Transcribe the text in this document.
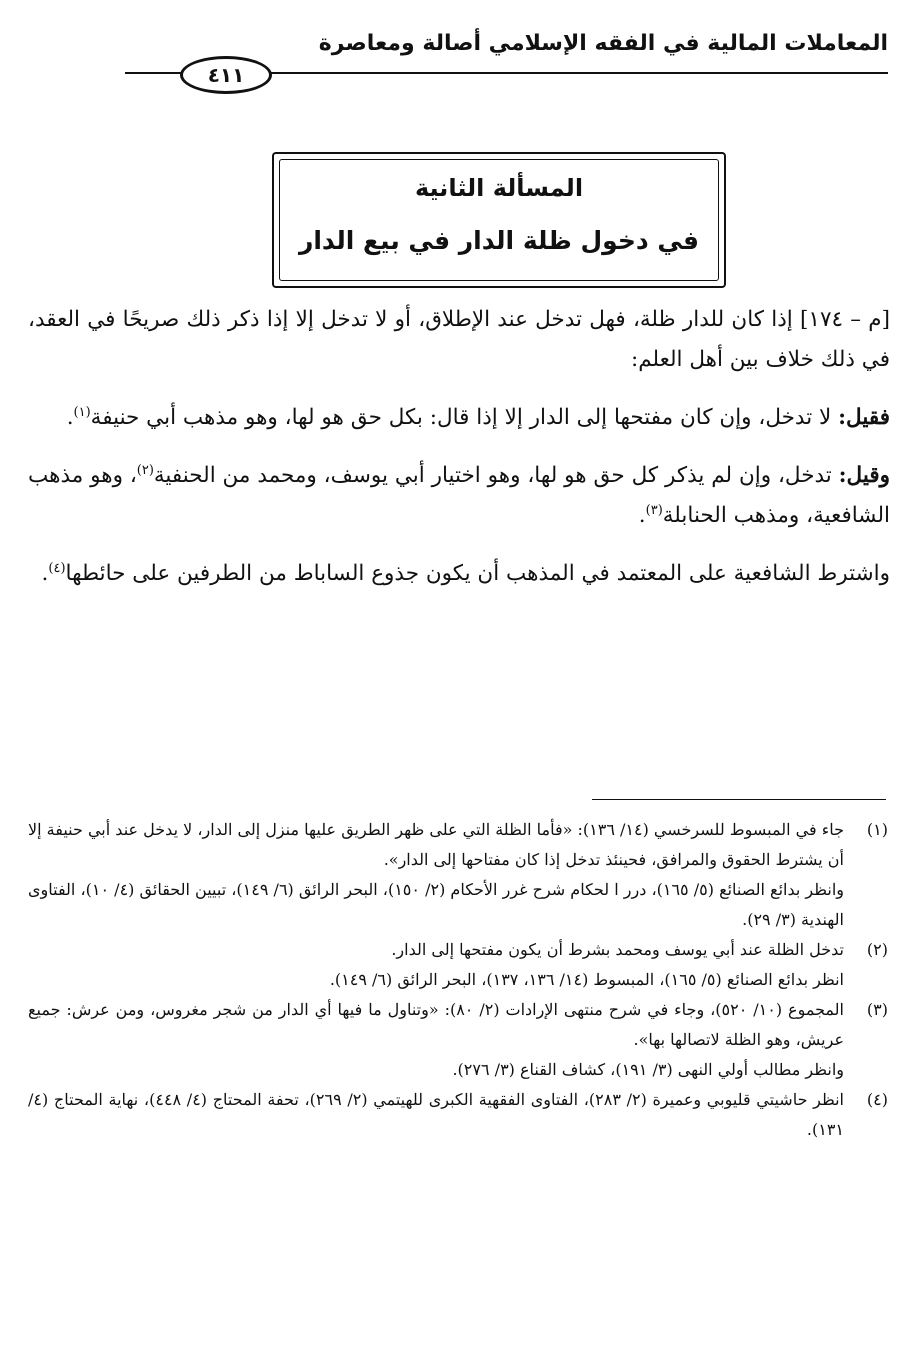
المعاملات المالية في الفقه الإسلامي أصالة ومعاصرة
٤١١
المسألة الثانية
في دخول ظلة الدار في بيع الدار

[م – ١٧٤] إذا كان للدار ظلة، فهل تدخل عند الإطلاق، أو لا تدخل إلا إذا ذكر ذلك صريحًا في العقد، في ذلك خلاف بين أهل العلم:

فقيل: لا تدخل، وإن كان مفتحها إلى الدار إلا إذا قال: بكل حق هو لها، وهو مذهب أبي حنيفة$^{(١)}$.

وقيل: تدخل، وإن لم يذكر كل حق هو لها، وهو اختيار أبي يوسف، ومحمد من الحنفية$^{(٢)}$، وهو مذهب الشافعية، ومذهب الحنابلة$^{(٣)}$.

واشترط الشافعية على المعتمد في المذهب أن يكون جذوع الساباط من الطرفين على حائطها$^{(٤)}$.

(١)

جاء في المبسوط للسرخسي (١٤/ ١٣٦): «فأما الظلة التي على ظهر الطريق عليها منزل إلى الدار، لا يدخل عند أبي حنيفة إلا أن يشترط الحقوق والمرافق، فحينئذ تدخل إذا كان مفتاحها إلى الدار».

وانظر بدائع الصنائع (٥/ ١٦٥)، درر ا لحكام شرح غرر الأحكام (٢/ ١٥٠)، البحر الرائق (٦/ ١٤٩)، تبيين الحقائق (٤/ ١٠)، الفتاوى الهندية (٣/ ٢٩).

(٢)

تدخل الظلة عند أبي يوسف ومحمد بشرط أن يكون مفتحها إلى الدار.

انظر بدائع الصنائع (٥/ ١٦٥)، المبسوط (١٤/ ١٣٦، ١٣٧)، البحر الرائق (٦/ ١٤٩).

(٣)

المجموع (١٠/ ٥٢٠)، وجاء في شرح منتهى الإرادات (٢/ ٨٠): «وتناول ما فيها أي الدار من شجر مغروس، ومن عرش: جميع عريش، وهو الظلة لاتصالها بها».

وانظر مطالب أولي النهى (٣/ ١٩١)، كشاف القناع (٣/ ٢٧٦).

(٤)

انظر حاشيتي قليوبي وعميرة (٢/ ٢٨٣)، الفتاوى الفقهية الكبرى للهيتمي (٢/ ٢٦٩)، تحفة المحتاج (٤/ ٤٤٨)، نهاية المحتاج (٤/ ١٣١).
